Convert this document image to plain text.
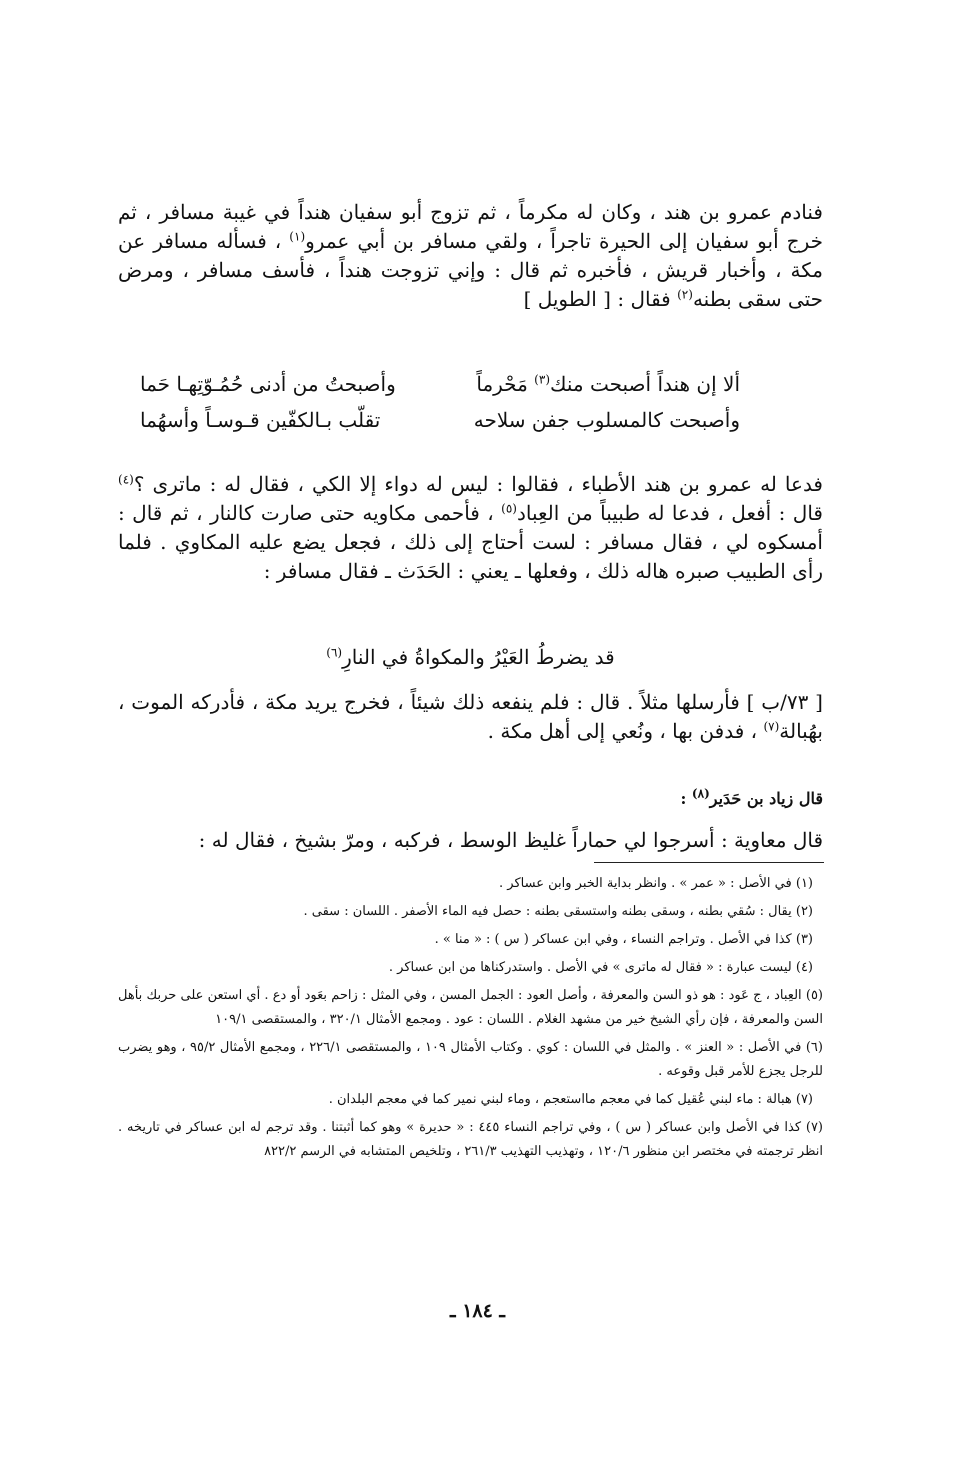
فنادم عمرو بن هند ، وكان له مكرماً ، ثم تزوج أبو سفيان هنداً في غيبة مسافر ، ثم خرج أبو سفيان إلى الحيرة تاجراً ، ولقي مسافر بن أبي عمرو$^{(١)}$ ، فسأله مسافر عن مكة ، وأخبار قريش ، فأخبره ثم قال : وإني تزوجت هنداً ، فأسف مسافر ، ومرض حتى سقى بطنه$^{(٢)}$ فقال : [ الطويل ]

ألا إن هنداً أصبحت منك$^{(٣)}$ مَحْرماً
وأصبحتُ من أدنى حُمُـوّتِهـا حَما
وأصبحت كالمسلوب جفن سلاحه
تقلّب بـالكفّين قـوسـاً وأسهُما

فدعا له عمرو بن هند الأطباء ، فقالوا : ليس له دواء إلا الكي ، فقال له : ماترى ؟$^{(٤)}$ قال : أفعل ، فدعا له طبيباً من العِباد$^{(٥)}$ ، فأحمى مكاويه حتى صارت كالنار ، ثم قال : أمسكوه لي ، فقال مسافر : لست أحتاج إلى ذلك ، فجعل يضع عليه المكاوي . فلما رأى الطبيب صبره هاله ذلك ، وفعلها ـ يعني : الحَدَث ـ فقال مسافر :

قد يضرطُ العَيْرُ والمكواةُ في النارِ$^{(٦)}$

[ ٧٣/ب ] فأرسلها مثلاً . قال : فلم ينفعه ذلك شيئاً ، فخرج يريد مكة ، فأدركه الموت ، بهُبالة$^{(٧)}$ ، فدفن بها ، ونُعي إلى أهل مكة .

قال زياد بن حَدَير$^{(٨)}$ :

قال معاوية : أسرجوا لي حماراً غليظ الوسط ، فركبه ، ومرّ بشيخ ، فقال له :

(١) في الأصل : « عمر » . وانظر بداية الخبر وابن عساكر .

(٢) يقال : سُقي بطنه ، وسقى بطنه واستسقى بطنه : حصل فيه الماء الأصفر . اللسان : سقى .

(٣) كذا في الأصل . وتراجم النساء ، وفي ابن عساكر ( س ) : « منا » .

(٤) ليست عبارة : « فقال له ماترى » في الأصل . واستدركناها من ابن عساكر .

(٥) العِباد ، ج عَود : هو ذو السن والمعرفة ، وأصل العود : الجمل المسن ، وفي المثل : زاحم بعَود أو دع . أي استعن على حربك بأهل السن والمعرفة ، فإن رأي الشيخ خير من مشهد الغلام . اللسان : عود . ومجمع الأمثال ٣٢٠/١ ، والمستقصى ١٠٩/١

(٦) في الأصل : « العنز » . والمثل في اللسان : كوي . وكتاب الأمثال ١٠٩ ، والمستقصى ٢٢٦/١ ، ومجمع الأمثال ٩٥/٢ ، وهو يضرب للرجل يجزع للأمر قبل وقوعه .

(٧) هبالة : ماء لبني عُقيل كما في معجم مااستعجم ، وماء لبني نمير كما في معجم البلدان .

(٧) كذا في الأصل وابن عساكر ( س ) ، وفي تراجم النساء ٤٤٥ : « حديرة » وهو كما أثبتنا . وقد ترجم له ابن عساكر في تاريخه . انظر ترجمته في مختصر ابن منظور ١٢٠/٦ ، وتهذيب التهذيب ٢٦١/٣ ، وتلخيص المتشابه في الرسم ٨٢٢/٢

ـ ١٨٤ ـ
